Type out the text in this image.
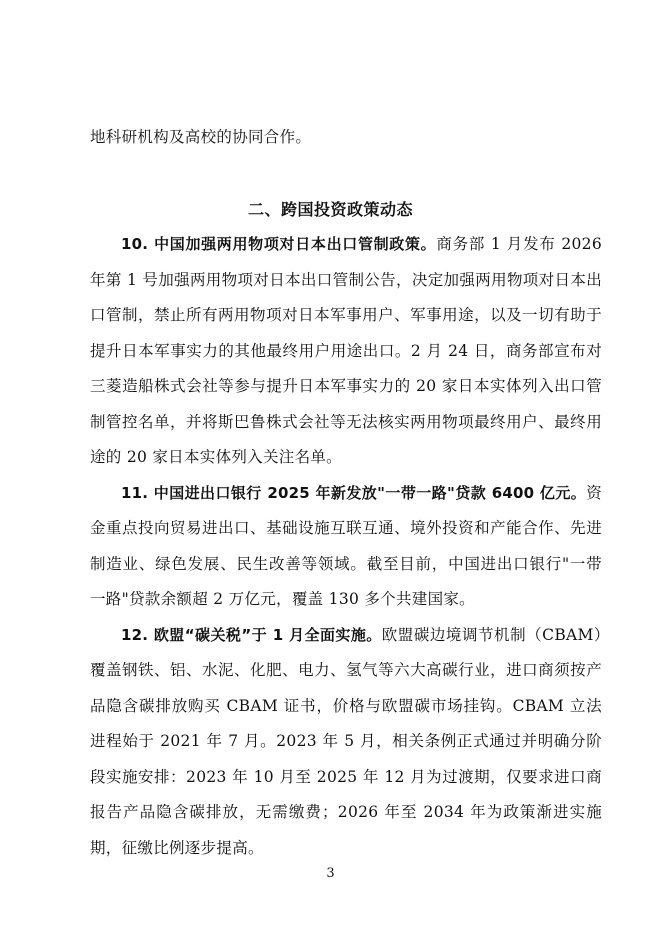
地科研机构及高校的协同合作。
二、跨国投资政策动态

10. 中国加强两用物项对日本出口管制政策。商务部 1 月发布 2026 年第 1 号加强两用物项对日本出口管制公告，决定加强两用物项对日本出口管制，禁止所有两用物项对日本军事用户、军事用途，以及一切有助于提升日本军事实力的其他最终用户用途出口。2 月 24 日，商务部宣布对三菱造船株式会社等参与提升日本军事实力的 20 家日本实体列入出口管制管控名单，并将斯巴鲁株式会社等无法核实两用物项最终用户、最终用途的 20 家日本实体列入关注名单。

11. 中国进出口银行 2025 年新发放"一带一路"贷款 6400 亿元。资金重点投向贸易进出口、基础设施互联互通、境外投资和产能合作、先进制造业、绿色发展、民生改善等领域。截至目前，中国进出口银行"一带一路"贷款余额超 2 万亿元，覆盖 130 多个共建国家。

12. 欧盟“碳关税”于 1 月全面实施。欧盟碳边境调节机制（CBAM）覆盖钢铁、铝、水泥、化肥、电力、氢气等六大高碳行业，进口商须按产品隐含碳排放购买 CBAM 证书，价格与欧盟碳市场挂钩。CBAM 立法进程始于 2021 年 7 月。2023 年 5 月，相关条例正式通过并明确分阶段实施安排：2023 年 10 月至 2025 年 12 月为过渡期，仅要求进口商报告产品隐含碳排放，无需缴费；2026 年至 2034 年为政策渐进实施期，征缴比例逐步提高。

3
